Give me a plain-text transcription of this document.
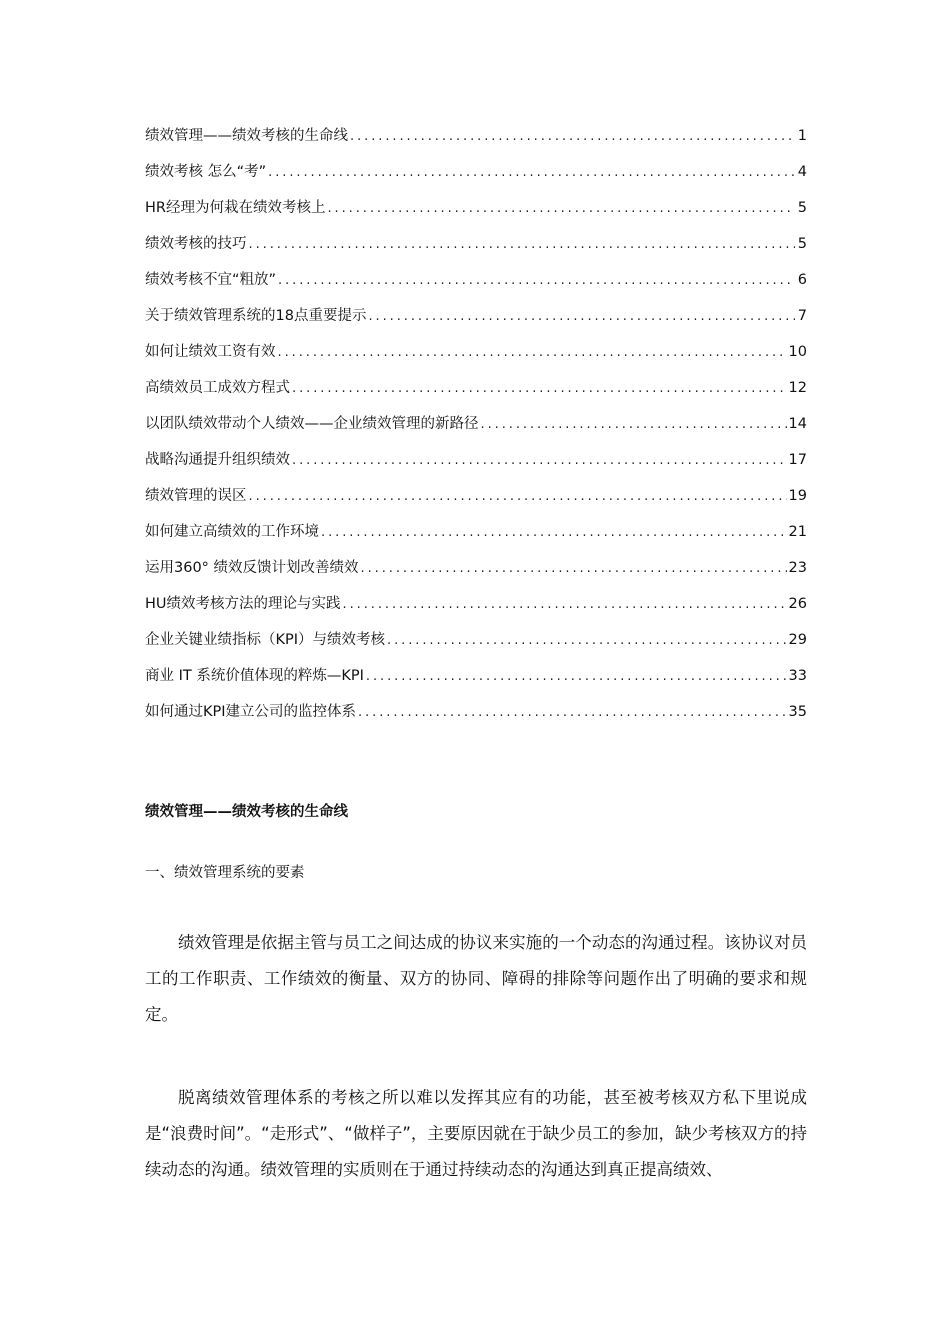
绩效管理——绩效考核的生命线 . . .	1
绩效考核 怎么“考” . . .	4
HR经理为何栽在绩效考核上 . . .	5
绩效考核的技巧 . . .	5
绩效考核不宜“粗放” . . .	6
关于绩效管理系统的18点重要提示 . . .	7
如何让绩效工资有效 . . .	10
高绩效员工成效方程式 . . .	12
以团队绩效带动个人绩效——企业绩效管理的新路径 . . .	14
战略沟通提升组织绩效 . . .	17
绩效管理的误区 . . .	19
如何建立高绩效的工作环境 . . .	21
运用360° 绩效反馈计划改善绩效 . . .	23
HU绩效考核方法的理论与实践 . . .	26
企业关键业绩指标（KPI）与绩效考核 . . .	29
商业 IT 系统价值体现的粹炼—KPI . . .	33
如何通过KPI建立公司的监控体系 . . .	35
绩效管理——绩效考核的生命线
一、绩效管理系统的要素

绩效管理是依据主管与员工之间达成的协议来实施的一个动态的沟通过程。该协议对员工的工作职责、工作绩效的衡量、双方的协同、障碍的排除等问题作出了明确的要求和规定。

脱离绩效管理体系的考核之所以难以发挥其应有的功能，甚至被考核双方私下里说成是“浪费时间”。“走形式”、“做样子”，主要原因就在于缺少员工的参加，缺少考核双方的持续动态的沟通。绩效管理的实质则在于通过持续动态的沟通达到真正提高绩效、
